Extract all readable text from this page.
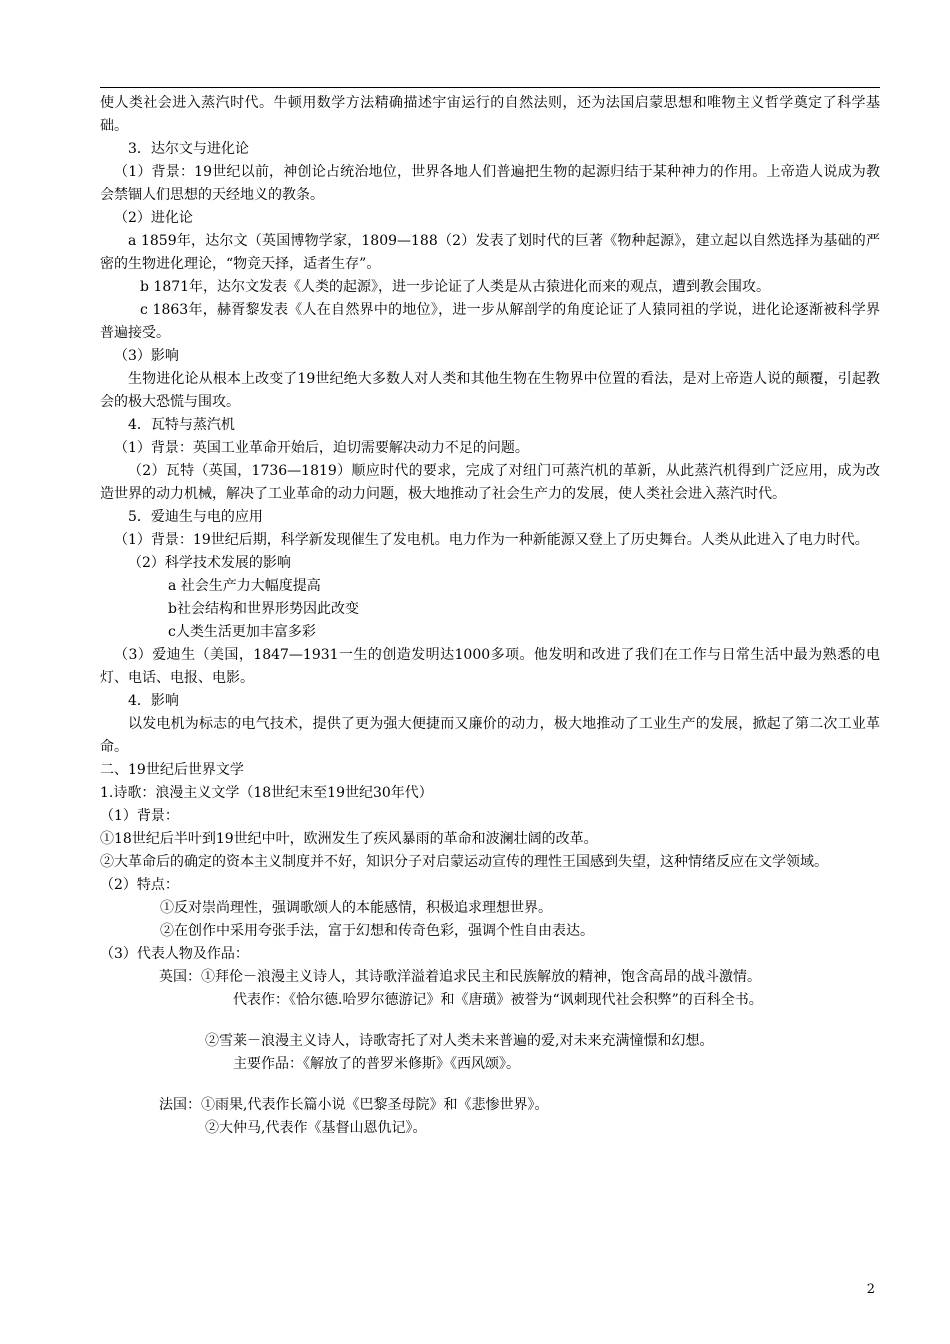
使人类社会进入蒸汽时代。牛顿用数学方法精确描述宇宙运行的自然法则，还为法国启蒙思想和唯物主义哲学奠定了科学基础。

3．达尔文与进化论

（1）背景：19世纪以前，神创论占统治地位，世界各地人们普遍把生物的起源归结于某种神力的作用。上帝造人说成为教会禁锢人们思想的天经地义的教条。

（2）进化论

a 1859年，达尔文（英国博物学家，1809—188（2）发表了划时代的巨著《物种起源》，建立起以自然选择为基础的严密的生物进化理论，“物竞天择，适者生存”。

b 1871年，达尔文发表《人类的起源》，进一步论证了人类是从古猿进化而来的观点，遭到教会围攻。

c 1863年，赫胥黎发表《人在自然界中的地位》，进一步从解剖学的角度论证了人猿同祖的学说，进化论逐渐被科学界普遍接受。

（3）影响

生物进化论从根本上改变了19世纪绝大多数人对人类和其他生物在生物界中位置的看法，是对上帝造人说的颠覆，引起教会的极大恐慌与围攻。

4．瓦特与蒸汽机

（1）背景：英国工业革命开始后，迫切需要解决动力不足的问题。

（2）瓦特（英国，1736—1819）顺应时代的要求，完成了对纽门可蒸汽机的革新，从此蒸汽机得到广泛应用，成为改造世界的动力机械，解决了工业革命的动力问题，极大地推动了社会生产力的发展，使人类社会进入蒸汽时代。

5．爱迪生与电的应用

（1）背景：19世纪后期，科学新发现催生了发电机。电力作为一种新能源又登上了历史舞台。人类从此进入了电力时代。

（2）科学技术发展的影响

a 社会生产力大幅度提高

b社会结构和世界形势因此改变

c人类生活更加丰富多彩

（3）爱迪生（美国，1847—1931一生的创造发明达1000多项。他发明和改进了我们在工作与日常生活中最为熟悉的电灯、电话、电报、电影。

4．影响

以发电机为标志的电气技术，提供了更为强大便捷而又廉价的动力，极大地推动了工业生产的发展，掀起了第二次工业革命。

二、19世纪后世界文学

1.诗歌：浪漫主义文学（18世纪末至19世纪30年代）

（1）背景：

①18世纪后半叶到19世纪中叶，欧洲发生了疾风暴雨的革命和波澜壮阔的改革。

②大革命后的确定的资本主义制度并不好，知识分子对启蒙运动宣传的理性王国感到失望，这种情绪反应在文学领域。

（2）特点：

①反对崇尚理性，强调歌颂人的本能感情，积极追求理想世界。

②在创作中采用夸张手法，富于幻想和传奇色彩，强调个性自由表达。

（3）代表人物及作品：

英国：①拜伦－浪漫主义诗人，其诗歌洋溢着追求民主和民族解放的精神，饱含高昂的战斗激情。

代表作：《恰尔德.哈罗尔德游记》和《唐璜》被誉为“讽刺现代社会积弊”的百科全书。

②雪莱－浪漫主义诗人，诗歌寄托了对人类未来普遍的爱,对未来充满憧憬和幻想。

主要作品：《解放了的普罗米修斯》《西风颂》。

法国：①雨果,代表作长篇小说《巴黎圣母院》和《悲惨世界》。

②大仲马,代表作《基督山恩仇记》。

2
